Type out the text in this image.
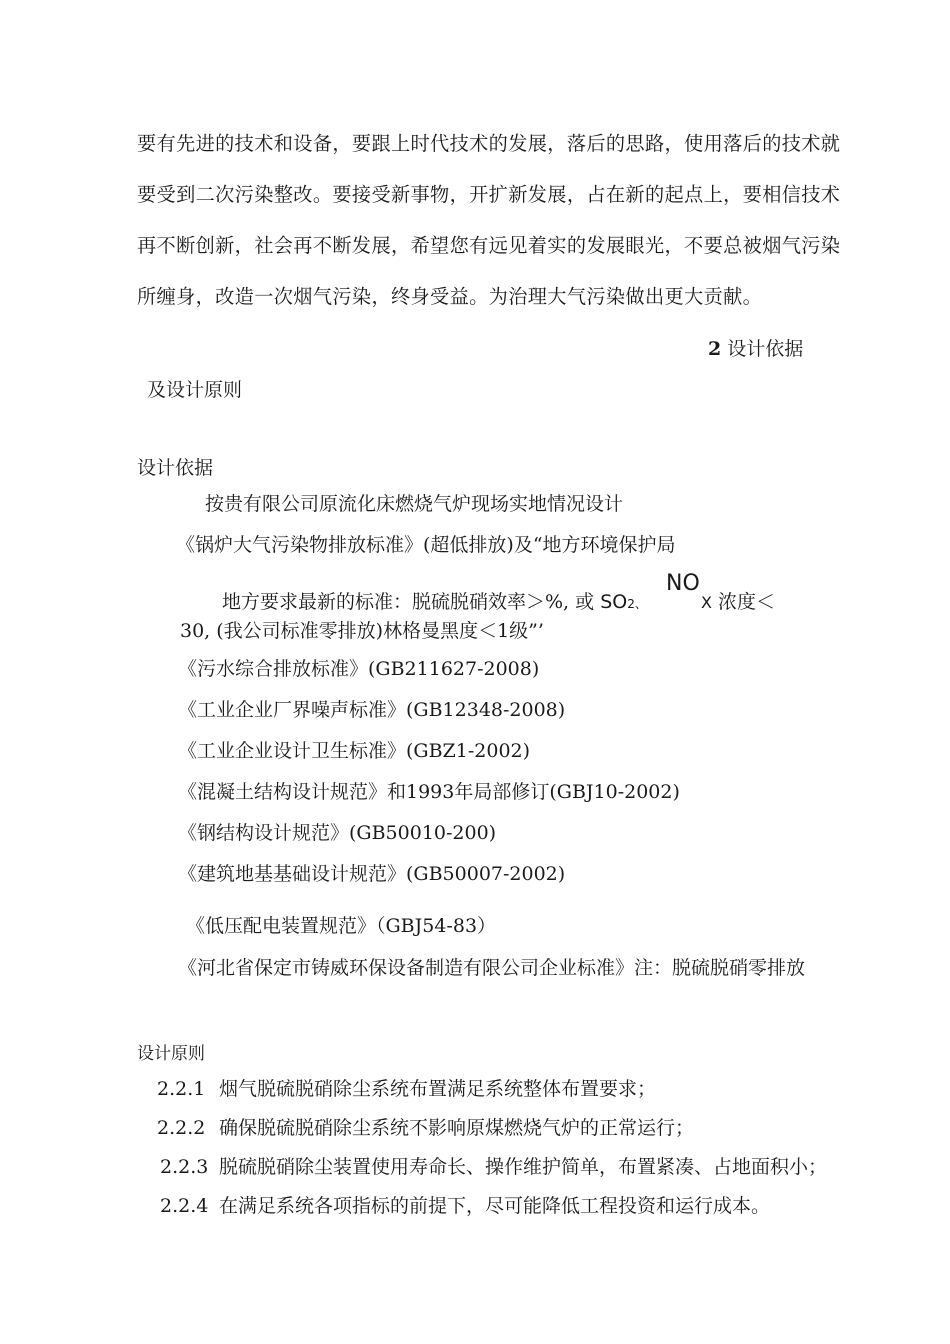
要有先进的技术和设备，要跟上时代技术的发展，落后的思路，使用落后的技术就
要受到二次污染整改。要接受新事物，开扩新发展，占在新的起点上，要相信技术
再不断创新，社会再不断发展，希望您有远见着实的发展眼光，不要总被烟气污染
所缠身，改造一次烟气污染，终身受益。为治理大气污染做出更大贡献。
2 设计依据
及设计原则
设计依据
按贵有限公司原流化床燃烧气炉现场实地情况设计
《锅炉大气污染物排放标准》(超低排放)及“地方环境保护局
地方要求最新的标准：脱硫脱硝效率＞%, 或 SO2、	X 浓度＜
NO
30, (我公司标准零排放)林格曼黑度＜1级”’
《污水综合排放标准》(GB211627-2008)
《工业企业厂界噪声标准》(GB12348-2008)
《工业企业设计卫生标准》(GBZ1-2002)
《混凝土结构设计规范》和1993年局部修订(GBJ10-2002)
《钢结构设计规范》(GB50010-200)
《建筑地基基础设计规范》(GB50007-2002)
《低压配电装置规范》（GBJ54-83）
《河北省保定市铸威环保设备制造有限公司企业标准》注：脱硫脱硝零排放
设计原则
2.2.1 烟气脱硫脱硝除尘系统布置满足系统整体布置要求；
2.2.2 确保脱硫脱硝除尘系统不影响原煤燃烧气炉的正常运行；
2.2.3 脱硫脱硝除尘装置使用寿命长、操作维护简单，布置紧凑、占地面积小；
2.2.4 在满足系统各项指标的前提下，尽可能降低工程投资和运行成本。
